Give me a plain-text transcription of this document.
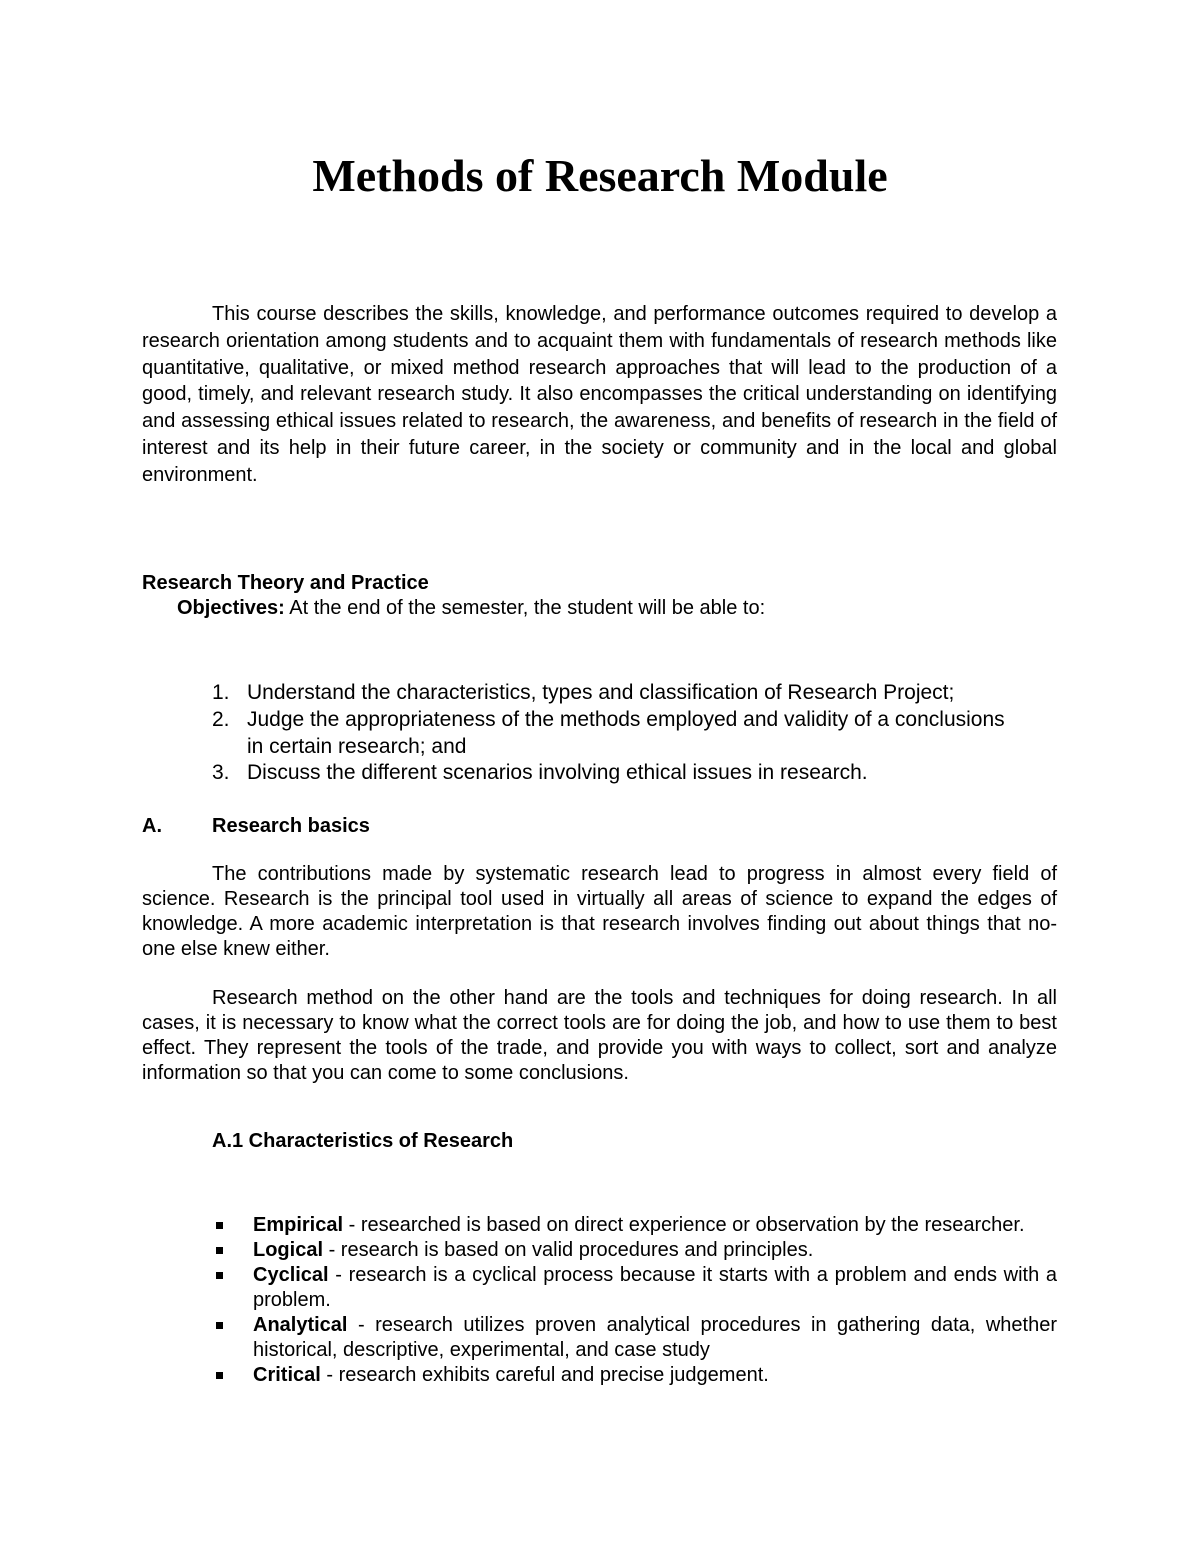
Methods of Research Module

This course describes the skills, knowledge, and performance outcomes required to develop a research orientation among students and to acquaint them with fundamentals of research methods like quantitative, qualitative, or mixed method research approaches that will lead to the production of a good, timely, and relevant research study. It also encompasses the critical understanding on identifying and assessing ethical issues related to research, the awareness, and benefits of research in the field of interest and its help in their future career, in the society or community and in the local and global environment.

Research Theory and Practice

Objectives: At the end of the semester, the student will be able to:

1. Understand the characteristics, types and classification of Research Project;
2. Judge the appropriateness of the methods employed and validity of a conclusions in certain research; and
3. Discuss the different scenarios involving ethical issues in research.
A.	Research basics

The contributions made by systematic research lead to progress in almost every field of science. Research is the principal tool used in virtually all areas of science to expand the edges of knowledge. A more academic interpretation is that research involves finding out about things that no-one else knew either.

Research method on the other hand are the tools and techniques for doing research. In all cases, it is necessary to know what the correct tools are for doing the job, and how to use them to best effect. They represent the tools of the trade, and provide you with ways to collect, sort and analyze information so that you can come to some conclusions.

A.1 Characteristics of Research
Empirical - researched is based on direct experience or observation by the researcher.
Logical - research is based on valid procedures and principles.
Cyclical - research is a cyclical process because it starts with a problem and ends with a problem.
Analytical - research utilizes proven analytical procedures in gathering data, whether historical, descriptive, experimental, and case study
Critical - research exhibits careful and precise judgement.
